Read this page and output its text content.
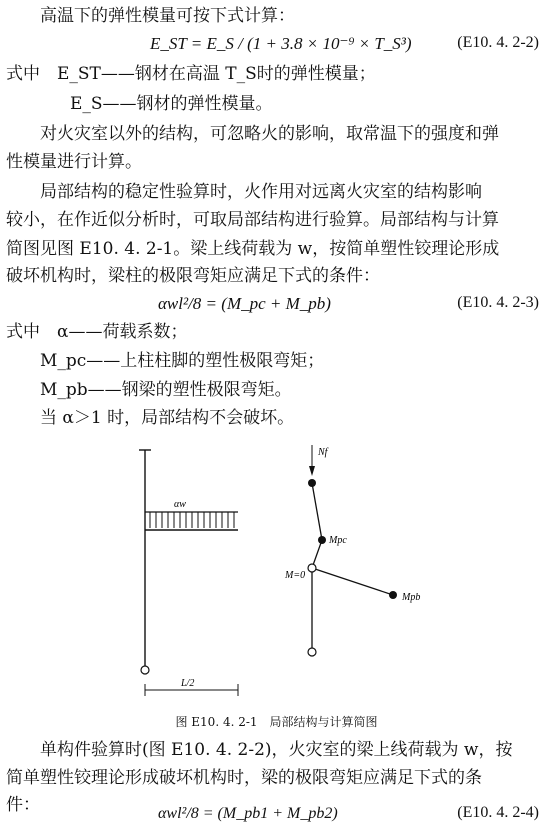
高温下的弹性模量可按下式计算：
E_ST = E_S / (1 + 3.8 × 10⁻⁹ × T_S³)	(E10. 4. 2-2)
式中　E_ST——钢材在高温 T_S时的弹性模量；
E_S——钢材的弹性模量。
对火灾室以外的结构，可忽略火的影响，取常温下的强度和弹
性模量进行计算。
局部结构的稳定性验算时，火作用对远离火灾室的结构影响
较小，在作近似分析时，可取局部结构进行验算。局部结构与计算
简图见图 E10. 4. 2-1。梁上线荷载为 w，按简单塑性铰理论形成
破坏机构时，梁柱的极限弯矩应满足下式的条件：
αwl²/8 = (M_pc + M_pb)	(E10. 4. 2-3)
式中　α——荷载系数；
M_pc——上柱柱脚的塑性极限弯矩；
M_pb——钢梁的塑性极限弯矩。
当 α＞1 时，局部结构不会破坏。
αw
L/2
Nf
Mpc
M=0
Mpb
图 E10. 4. 2-1　局部结构与计算简图
单构件验算时(图 E10. 4. 2-2)，火灾室的梁上线荷载为 w，按
简单塑性铰理论形成破坏机构时，梁的极限弯矩应满足下式的条
件：	αwl²/8 = (M_pb1 + M_pb2)	(E10. 4. 2-4)
